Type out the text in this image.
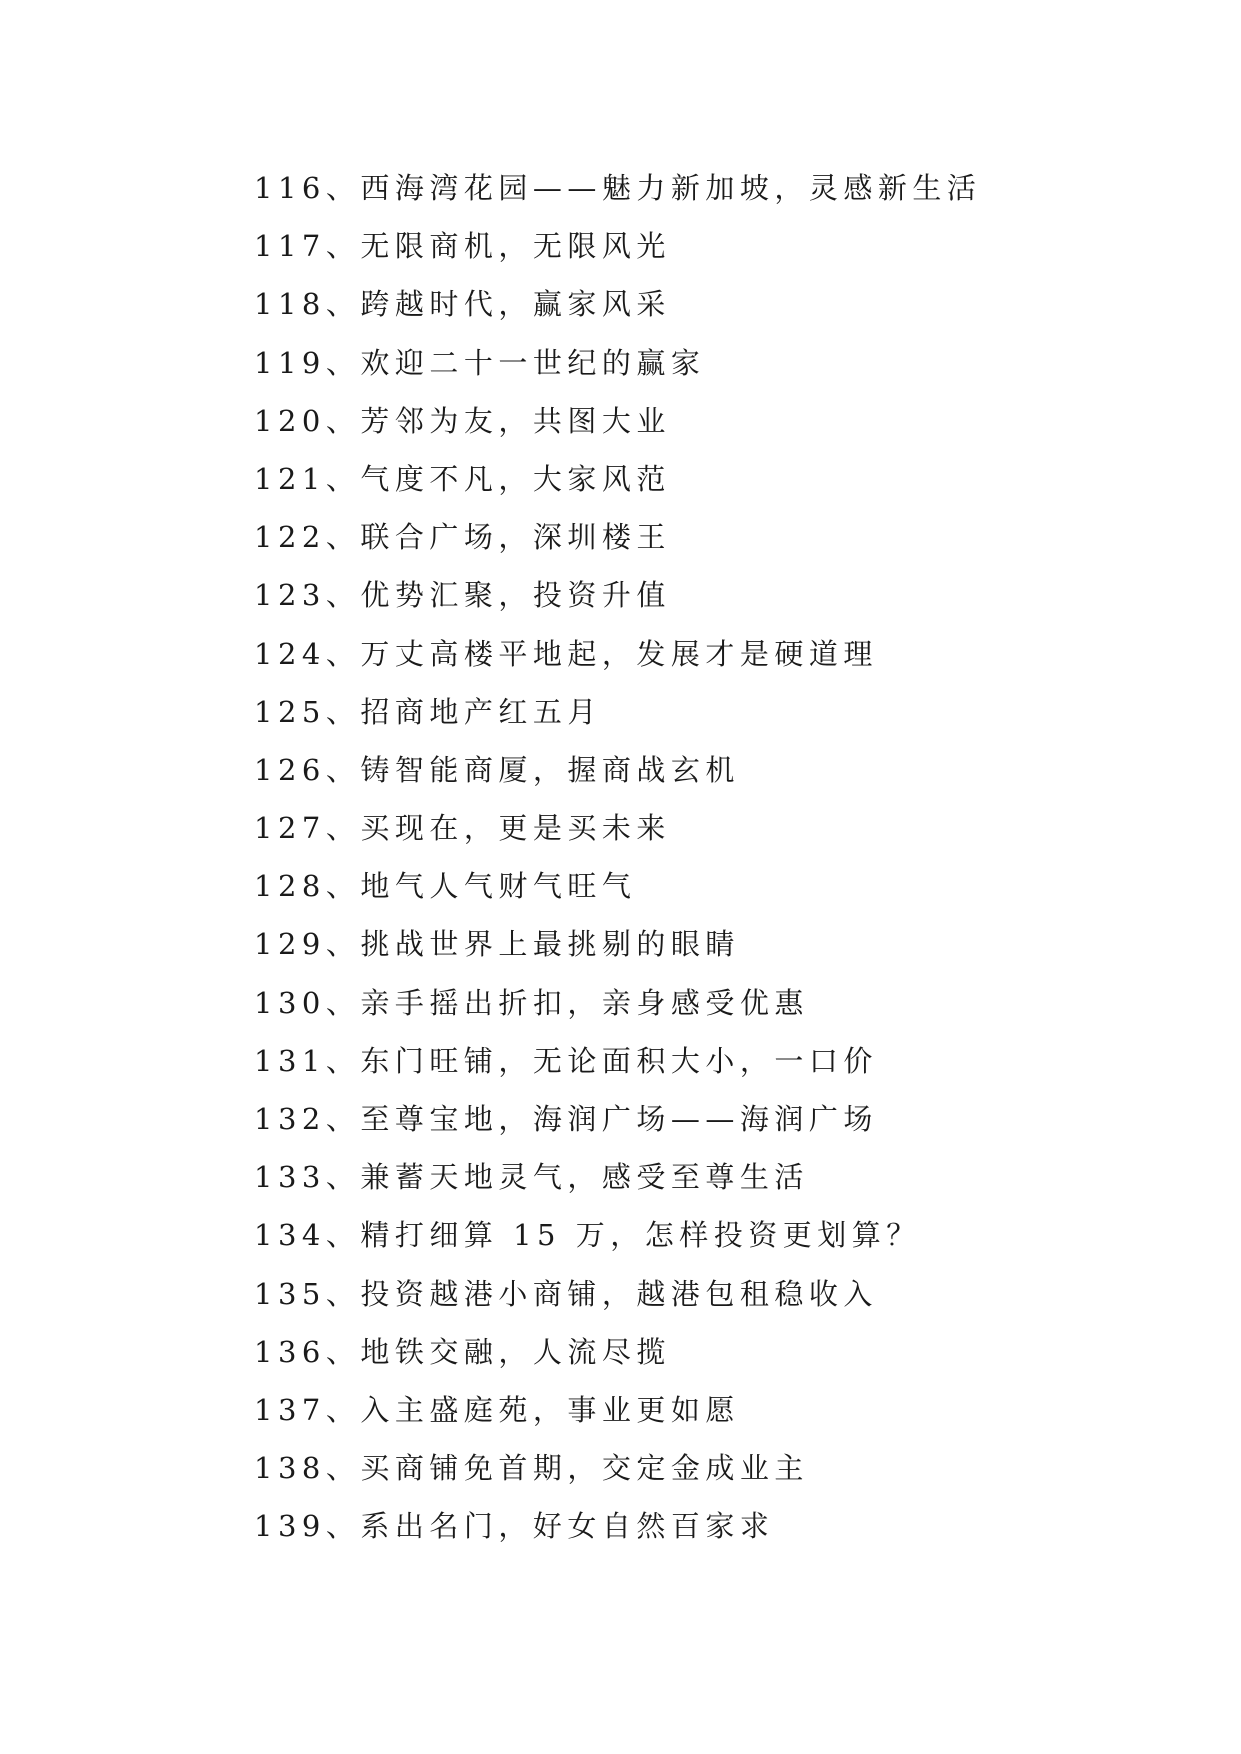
116、西海湾花园——魅力新加坡，灵感新生活
117、无限商机，无限风光
118、跨越时代，赢家风采
119、欢迎二十一世纪的赢家
120、芳邻为友，共图大业
121、气度不凡，大家风范
122、联合广场，深圳楼王
123、优势汇聚，投资升值
124、万丈高楼平地起，发展才是硬道理
125、招商地产红五月
126、铸智能商厦，握商战玄机
127、买现在，更是买未来
128、地气人气财气旺气
129、挑战世界上最挑剔的眼睛
130、亲手摇出折扣，亲身感受优惠
131、东门旺铺，无论面积大小，一口价
132、至尊宝地，海润广场——海润广场
133、兼蓄天地灵气，感受至尊生活
134、精打细算 15 万，怎样投资更划算？
135、投资越港小商铺，越港包租稳收入
136、地铁交融，人流尽揽
137、入主盛庭苑，事业更如愿
138、买商铺免首期，交定金成业主
139、系出名门，好女自然百家求
